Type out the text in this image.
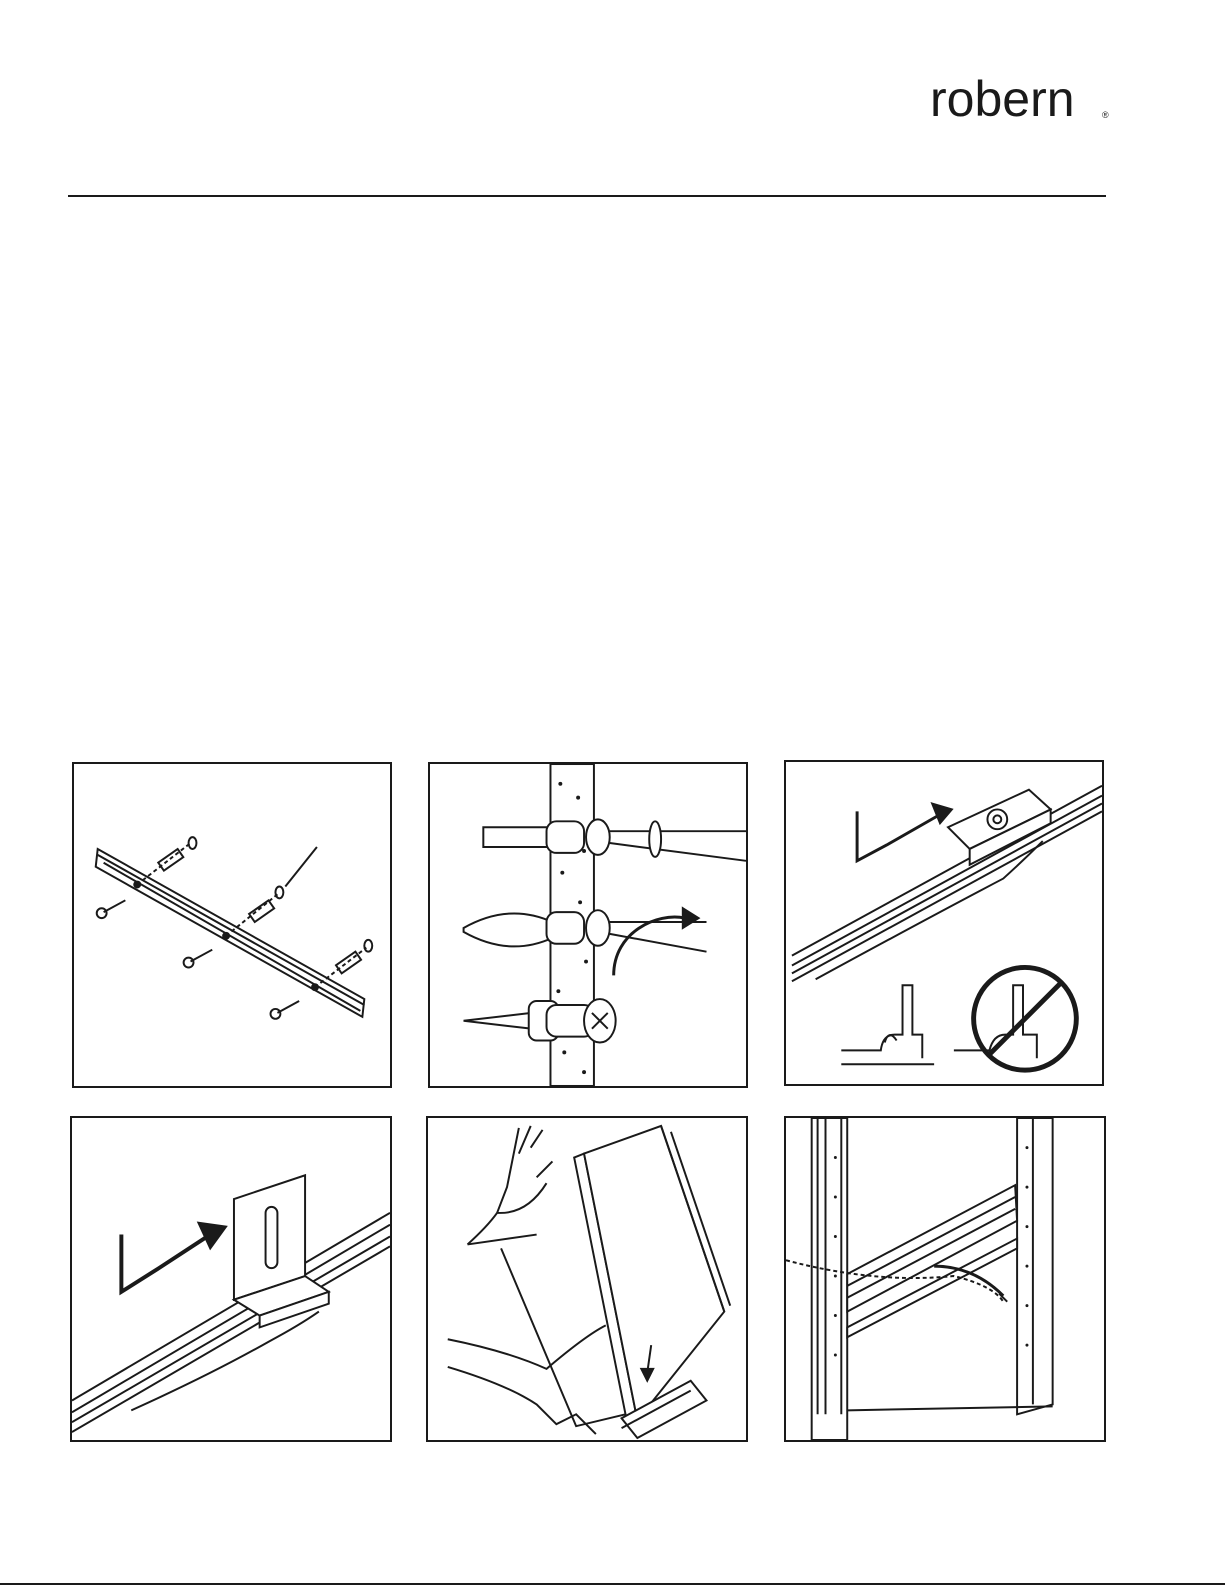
robern	®
